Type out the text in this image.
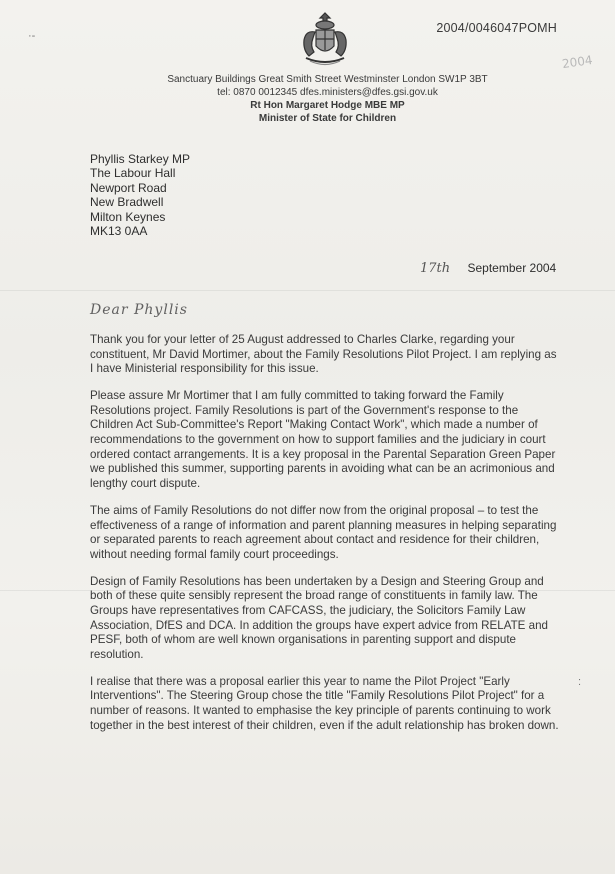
·-
2004/0046047POMH
2004
Sanctuary Buildings Great Smith Street Westminster London SW1P 3BT
tel: 0870 0012345 dfes.ministers@dfes.gsi.gov.uk
Rt Hon Margaret Hodge MBE MP
Minister of State for Children
Phyllis Starkey MP
The Labour Hall
Newport Road
New Bradwell
Milton Keynes
MK13 0AA
17th September 2004
Dear Phyllis

Thank you for your letter of 25 August addressed to Charles Clarke, regarding your constituent, Mr David Mortimer, about the Family Resolutions Pilot Project. I am replying as I have Ministerial responsibility for this issue.

Please assure Mr Mortimer that I am fully committed to taking forward the Family Resolutions project. Family Resolutions is part of the Government's response to the Children Act Sub-Committee's Report "Making Contact Work", which made a number of recommendations to the government on how to support families and the judiciary in court ordered contact arrangements. It is a key proposal in the Parental Separation Green Paper we published this summer, supporting parents in avoiding what can be an acrimonious and lengthy court dispute.

The aims of Family Resolutions do not differ now from the original proposal – to test the effectiveness of a range of information and parent planning measures in helping separating or separated parents to reach agreement about contact and residence for their children, without needing formal family court proceedings.

Design of Family Resolutions has been undertaken by a Design and Steering Group and both of these quite sensibly represent the broad range of constituents in family law. The Groups have representatives from CAFCASS, the judiciary, the Solicitors Family Law Association, DfES and DCA. In addition the groups have expert advice from RELATE and PESF, both of whom are well known organisations in parenting support and dispute resolution.

I realise that there was a proposal earlier this year to name the Pilot Project "Early Interventions". The Steering Group chose the title "Family Resolutions Pilot Project" for a number of reasons. It wanted to emphasise the key principle of parents continuing to work together in the best interest of their children, even if the adult relationship has broken down.

:
